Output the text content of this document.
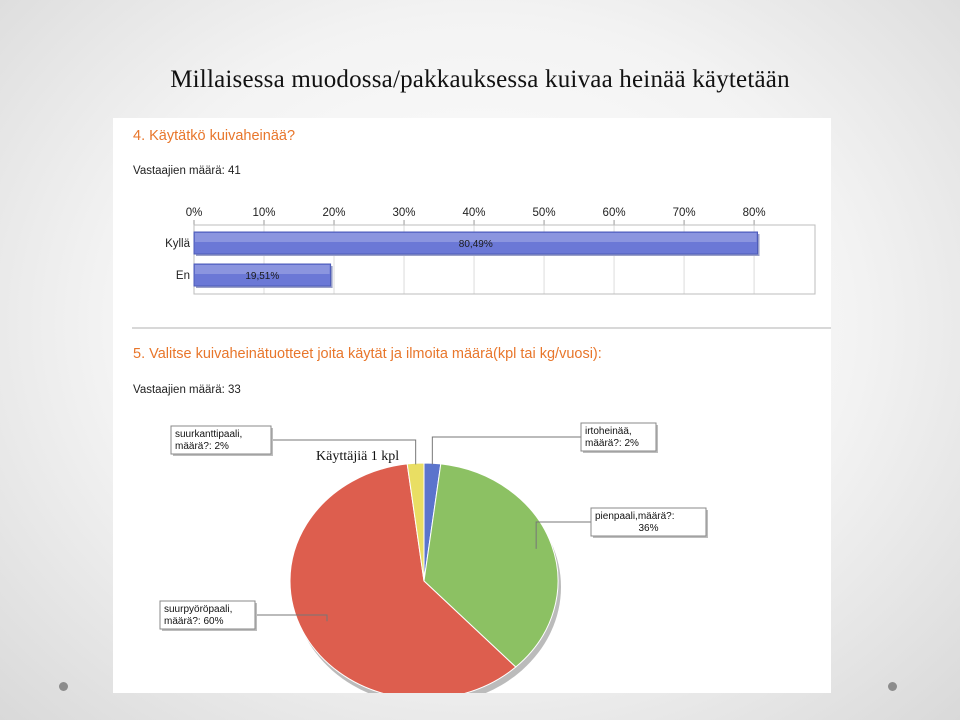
Millaisessa muodossa/pakkauksessa kuivaa heinää käytetään
4. Käytätkö kuivaheinää?
Vastaajien määrä: 41
0%	10%	20%	30%	40%	50%	60%	70%	80%
Kyllä	80,49%
En	19,51%
5. Valitse kuivaheinätuotteet joita käytät ja ilmoita määrä(kpl tai kg/vuosi):
Vastaajien määrä: 33
irtoheinää,
määrä?: 2%
pienpaali,määrä?:
36%
suurpyöröpaali,
määrä?: 60%
suurkanttipaali,
määrä?: 2%
Käyttäjiä 1 kpl
